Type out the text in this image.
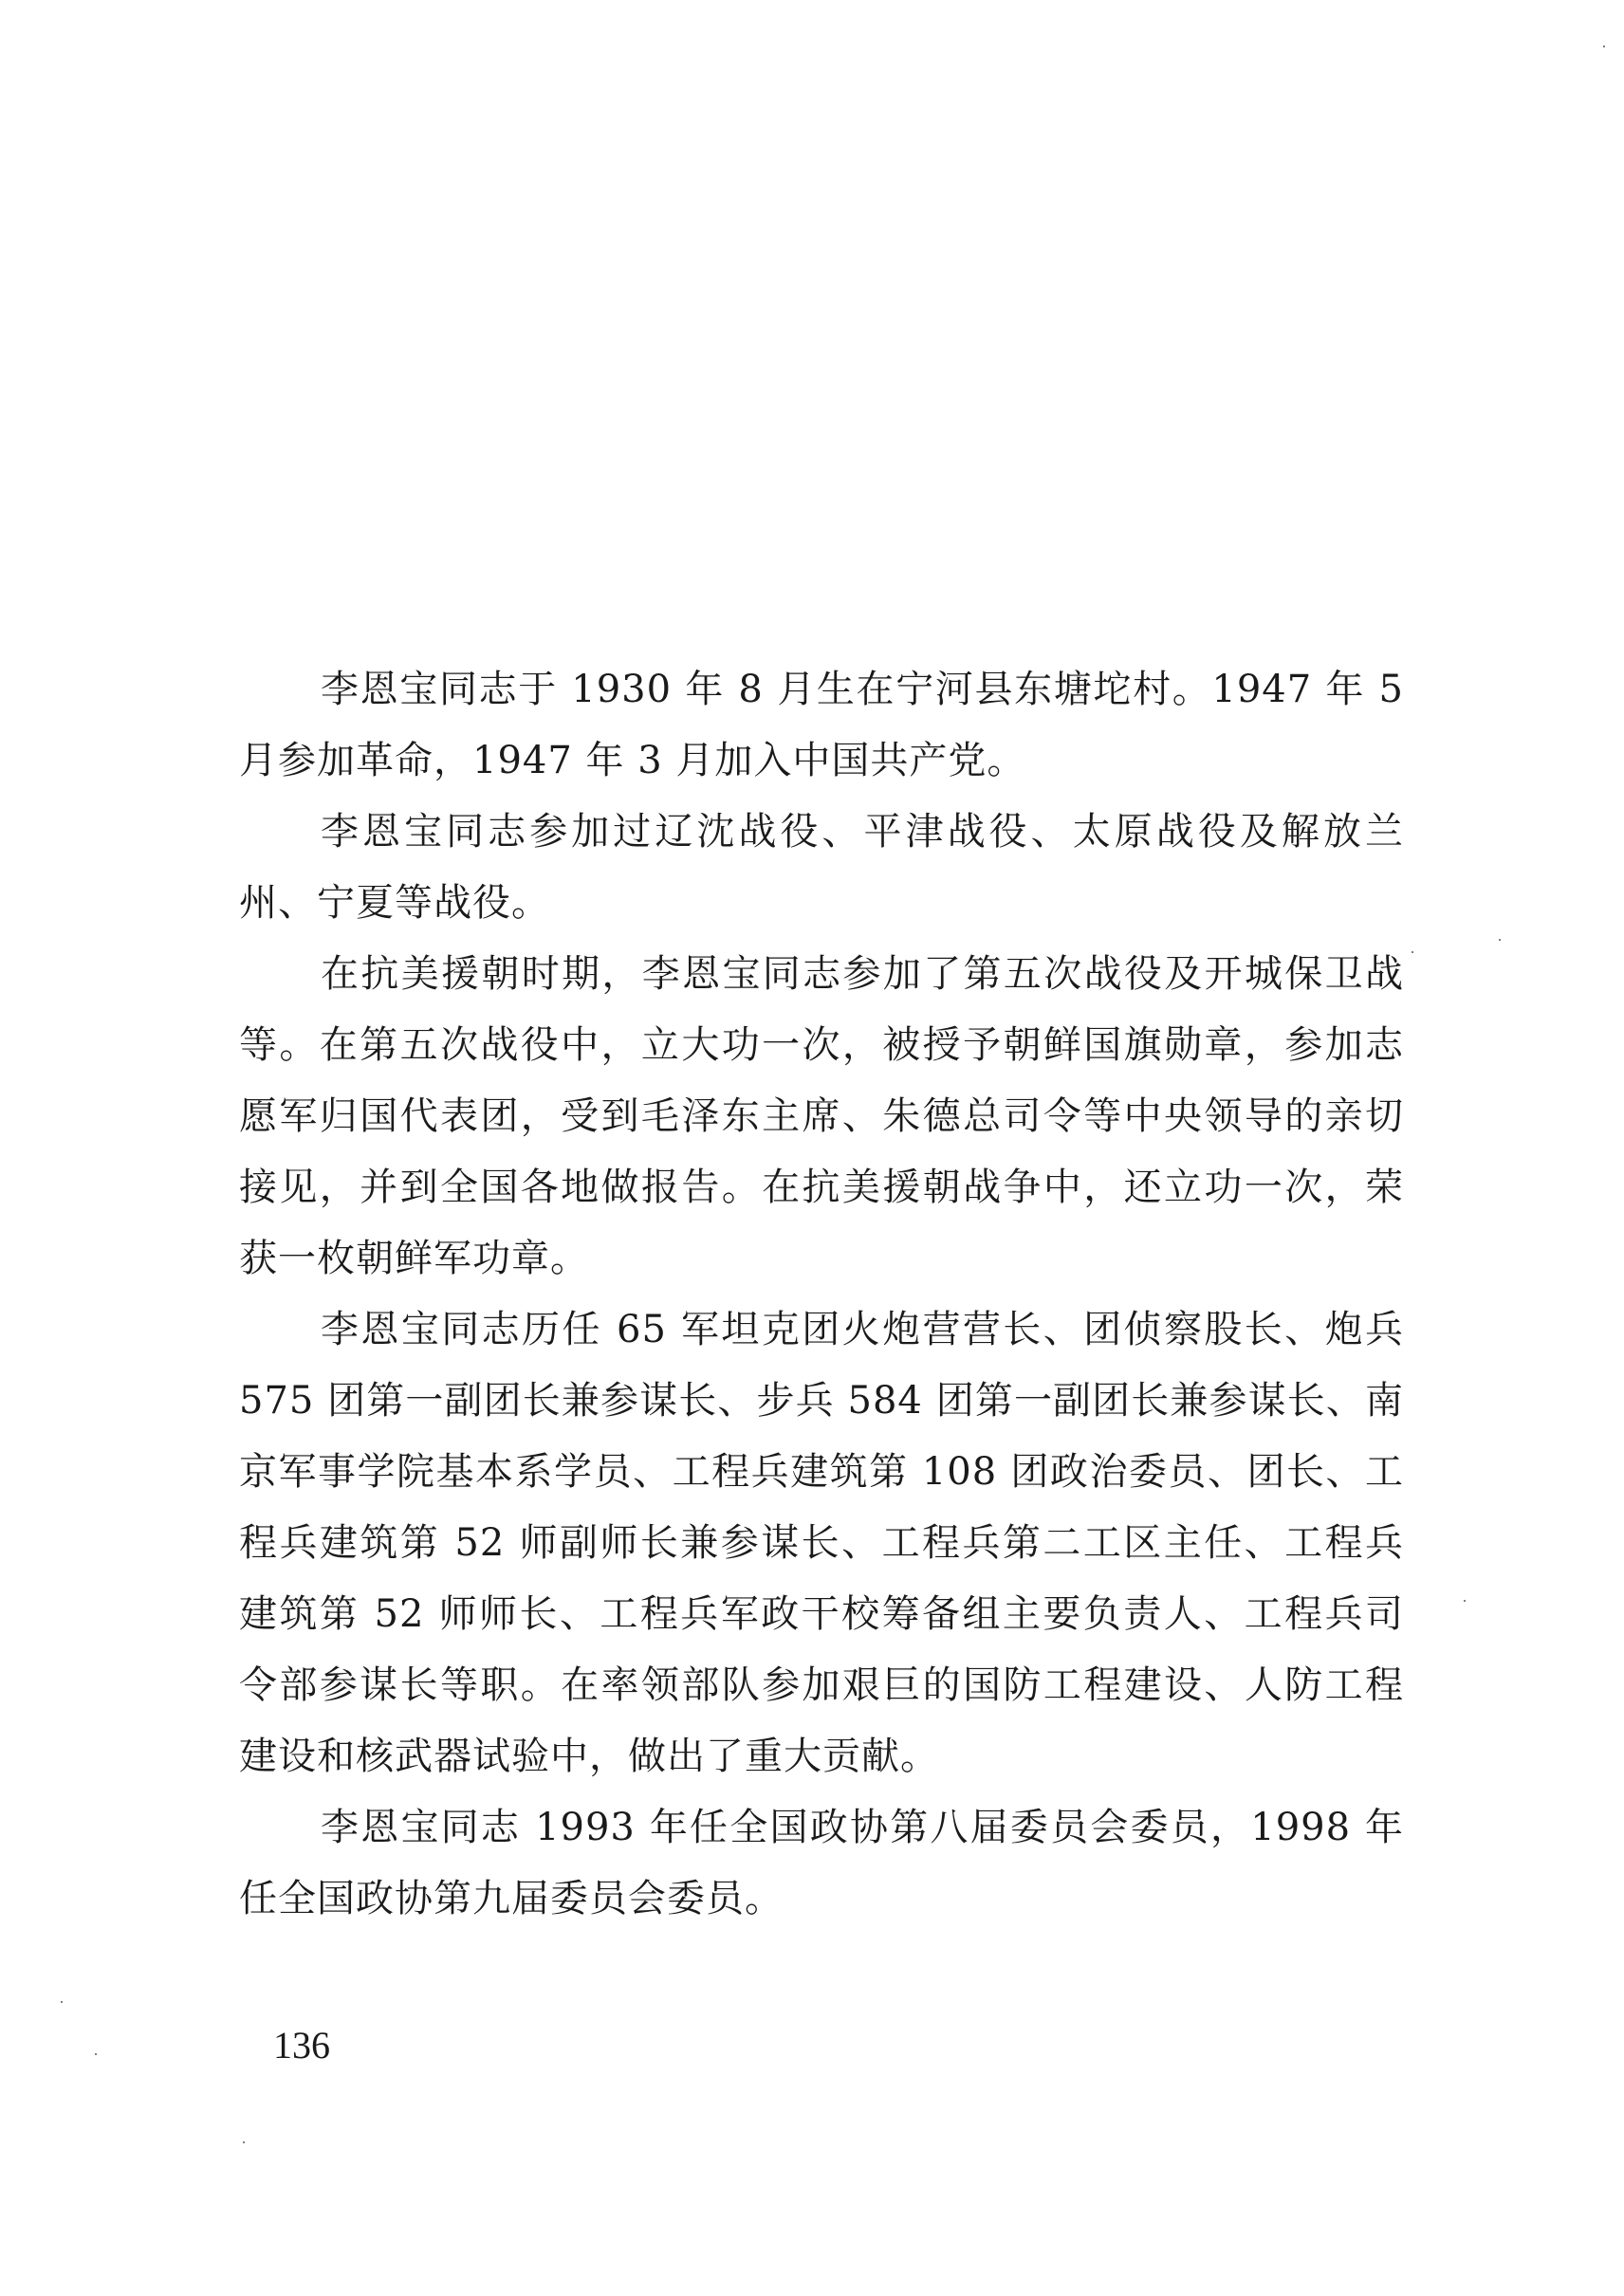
李恩宝同志于 1930 年 8 月生在宁河县东塘坨村。1947 年 5 月参加革命，1947 年 3 月加入中国共产党。

李恩宝同志参加过辽沈战役、平津战役、太原战役及解放兰州、宁夏等战役。

在抗美援朝时期，李恩宝同志参加了第五次战役及开城保卫战等。在第五次战役中，立大功一次，被授予朝鲜国旗勋章，参加志愿军归国代表团，受到毛泽东主席、朱德总司令等中央领导的亲切接见，并到全国各地做报告。在抗美援朝战争中，还立功一次，荣获一枚朝鲜军功章。

李恩宝同志历任 65 军坦克团火炮营营长、团侦察股长、炮兵 575 团第一副团长兼参谋长、步兵 584 团第一副团长兼参谋长、南京军事学院基本系学员、工程兵建筑第 108 团政治委员、团长、工程兵建筑第 52 师副师长兼参谋长、工程兵第二工区主任、工程兵建筑第 52 师师长、工程兵军政干校筹备组主要负责人、工程兵司令部参谋长等职。在率领部队参加艰巨的国防工程建设、人防工程建设和核武器试验中，做出了重大贡献。

李恩宝同志 1993 年任全国政协第八届委员会委员，1998 年任全国政协第九届委员会委员。

136
